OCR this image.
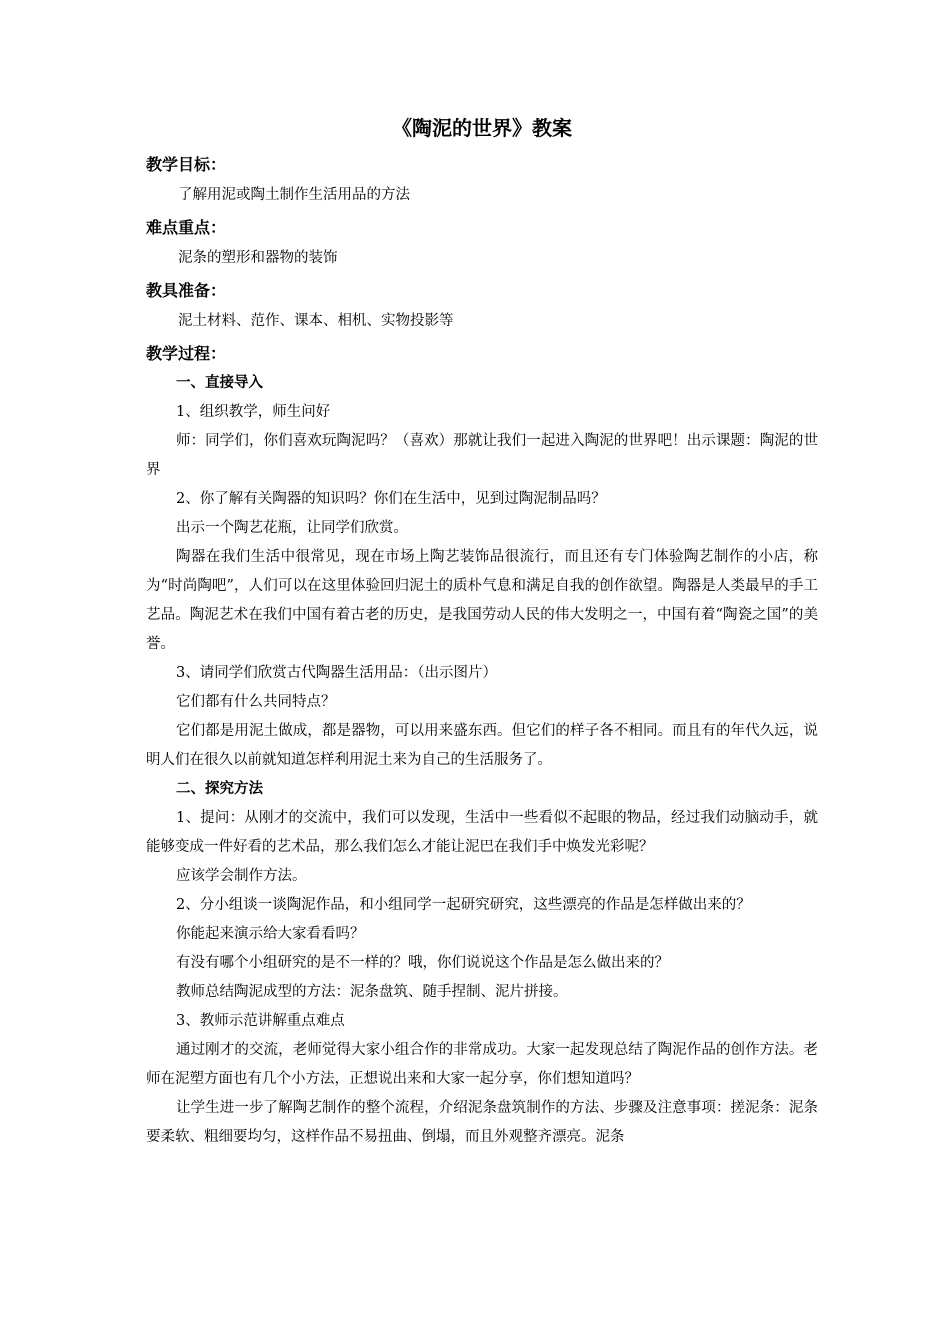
《陶泥的世界》教案
教学目标：
了解用泥或陶土制作生活用品的方法
难点重点：
泥条的塑形和器物的装饰
教具准备：
泥土材料、范作、课本、相机、实物投影等
教学过程：
一、直接导入

1、组织教学，师生问好

师：同学们，你们喜欢玩陶泥吗？（喜欢）那就让我们一起进入陶泥的世界吧！出示课题：陶泥的世界

2、你了解有关陶器的知识吗？你们在生活中，见到过陶泥制品吗？

出示一个陶艺花瓶，让同学们欣赏。

陶器在我们生活中很常见，现在市场上陶艺装饰品很流行，而且还有专门体验陶艺制作的小店，称为“时尚陶吧”，人们可以在这里体验回归泥土的质朴气息和满足自我的创作欲望。陶器是人类最早的手工艺品。陶泥艺术在我们中国有着古老的历史，是我国劳动人民的伟大发明之一，中国有着“陶瓷之国”的美誉。

3、请同学们欣赏古代陶器生活用品：（出示图片）

它们都有什么共同特点？

它们都是用泥土做成，都是器物，可以用来盛东西。但它们的样子各不相同。而且有的年代久远，说明人们在很久以前就知道怎样利用泥土来为自己的生活服务了。

二、探究方法

1、提问：从刚才的交流中，我们可以发现，生活中一些看似不起眼的物品，经过我们动脑动手，就能够变成一件好看的艺术品，那么我们怎么才能让泥巴在我们手中焕发光彩呢？

应该学会制作方法。

2、分小组谈一谈陶泥作品，和小组同学一起研究研究，这些漂亮的作品是怎样做出来的？

你能起来演示给大家看看吗？

有没有哪个小组研究的是不一样的？哦，你们说说这个作品是怎么做出来的？

教师总结陶泥成型的方法：泥条盘筑、随手捏制、泥片拼接。

3、教师示范讲解重点难点

通过刚才的交流，老师觉得大家小组合作的非常成功。大家一起发现总结了陶泥作品的创作方法。老师在泥塑方面也有几个小方法，正想说出来和大家一起分享，你们想知道吗？

让学生进一步了解陶艺制作的整个流程，介绍泥条盘筑制作的方法、步骤及注意事项：搓泥条：泥条要柔软、粗细要均匀，这样作品不易扭曲、倒塌，而且外观整齐漂亮。泥条
